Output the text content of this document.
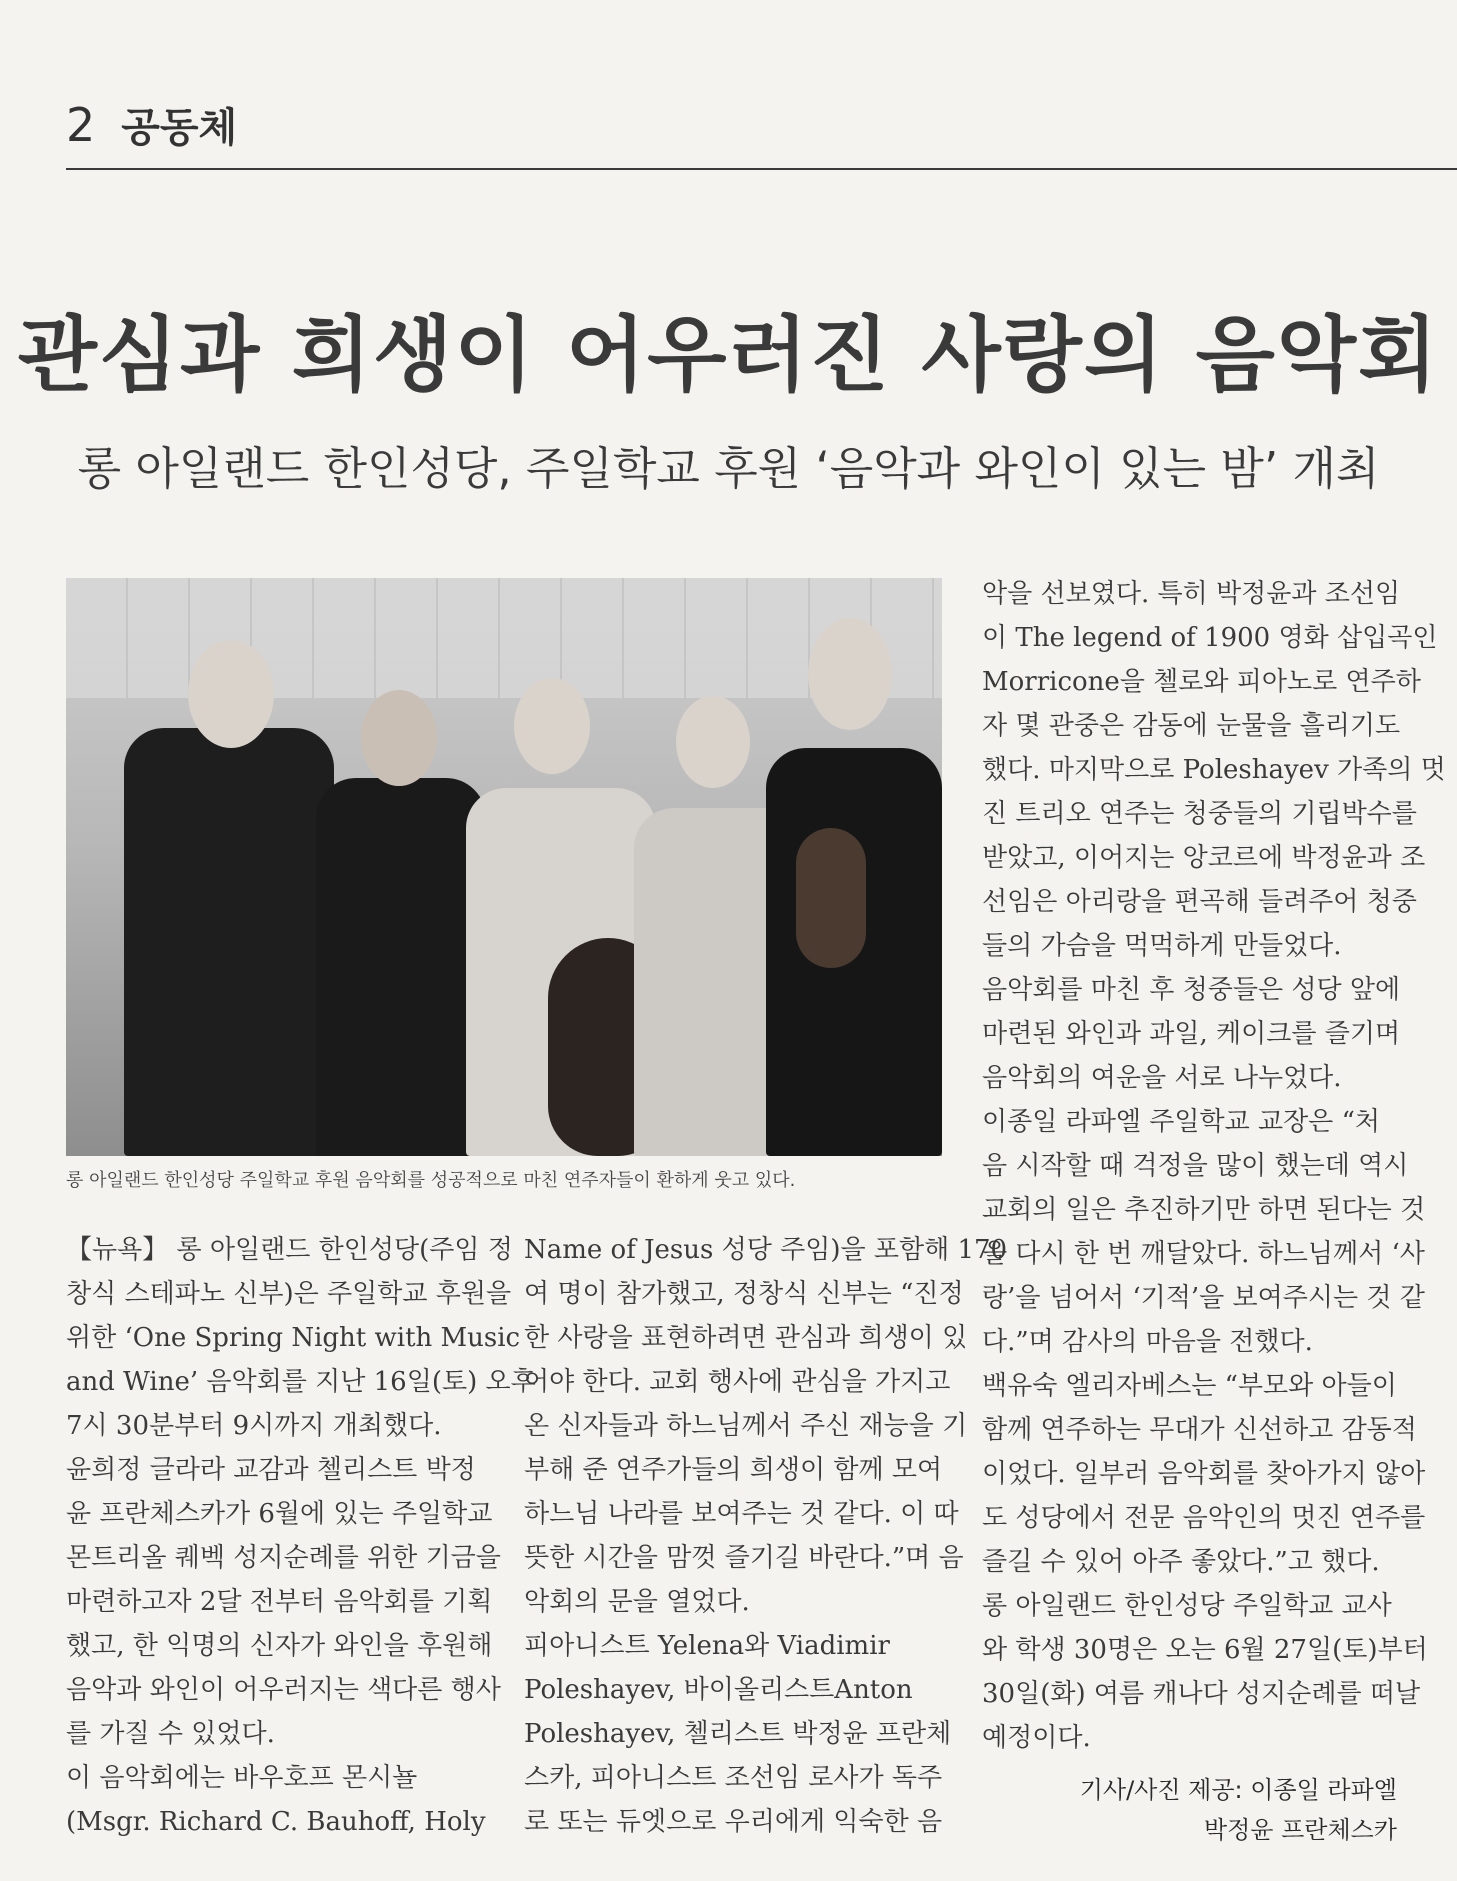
2 공동체
관심과 희생이 어우러진 사랑의 음악회
롱 아일랜드 한인성당, 주일학교 후원 ‘음악과 와인이 있는 밤’ 개최
롱 아일랜드 한인성당 주일학교 후원 음악회를 성공적으로 마친 연주자들이 환하게 웃고 있다.

【뉴욕】 롱 아일랜드 한인성당(주임 정

창식 스테파노 신부)은 주일학교 후원을

위한 ‘One Spring Night with Music

and Wine’ 음악회를 지난 16일(토) 오후

7시 30분부터 9시까지 개최했다.

윤희정 글라라 교감과 첼리스트 박정

윤 프란체스카가 6월에 있는 주일학교

몬트리올 퀘벡 성지순례를 위한 기금을

마련하고자 2달 전부터 음악회를 기획

했고, 한 익명의 신자가 와인을 후원해

음악과 와인이 어우러지는 색다른 행사

를 가질 수 있었다.

이 음악회에는 바우호프 몬시뇰

(Msgr. Richard C. Bauhoff, Holy

Name of Jesus 성당 주임)을 포함해 170

여 명이 참가했고, 정창식 신부는 “진정

한 사랑을 표현하려면 관심과 희생이 있

어야 한다. 교회 행사에 관심을 가지고

온 신자들과 하느님께서 주신 재능을 기

부해 준 연주가들의 희생이 함께 모여

하느님 나라를 보여주는 것 같다. 이 따

뜻한 시간을 맘껏 즐기길 바란다.”며 음

악회의 문을 열었다.

피아니스트 Yelena와 Viadimir

Poleshayev, 바이올리스트Anton

Poleshayev, 첼리스트 박정윤 프란체

스카, 피아니스트 조선임 로사가 독주

로 또는 듀엣으로 우리에게 익숙한 음

악을 선보였다. 특히 박정윤과 조선임

이 The legend of 1900 영화 삽입곡인

Morricone을 첼로와 피아노로 연주하

자 몇 관중은 감동에 눈물을 흘리기도

했다. 마지막으로 Poleshayev 가족의 멋

진 트리오 연주는 청중들의 기립박수를

받았고, 이어지는 앙코르에 박정윤과 조

선임은 아리랑을 편곡해 들려주어 청중

들의 가슴을 먹먹하게 만들었다.

음악회를 마친 후 청중들은 성당 앞에

마련된 와인과 과일, 케이크를 즐기며

음악회의 여운을 서로 나누었다.

이종일 라파엘 주일학교 교장은 “처

음 시작할 때 걱정을 많이 했는데 역시

교회의 일은 추진하기만 하면 된다는 것

을 다시 한 번 깨달았다. 하느님께서 ‘사

랑’을 넘어서 ‘기적’을 보여주시는 것 같

다.”며 감사의 마음을 전했다.

백유숙 엘리자베스는 “부모와 아들이

함께 연주하는 무대가 신선하고 감동적

이었다. 일부러 음악회를 찾아가지 않아

도 성당에서 전문 음악인의 멋진 연주를

즐길 수 있어 아주 좋았다.”고 했다.

롱 아일랜드 한인성당 주일학교 교사

와 학생 30명은 오는 6월 27일(토)부터

30일(화) 여름 캐나다 성지순례를 떠날

예정이다.

기사/사진 제공: 이종일 라파엘
박정윤 프란체스카
